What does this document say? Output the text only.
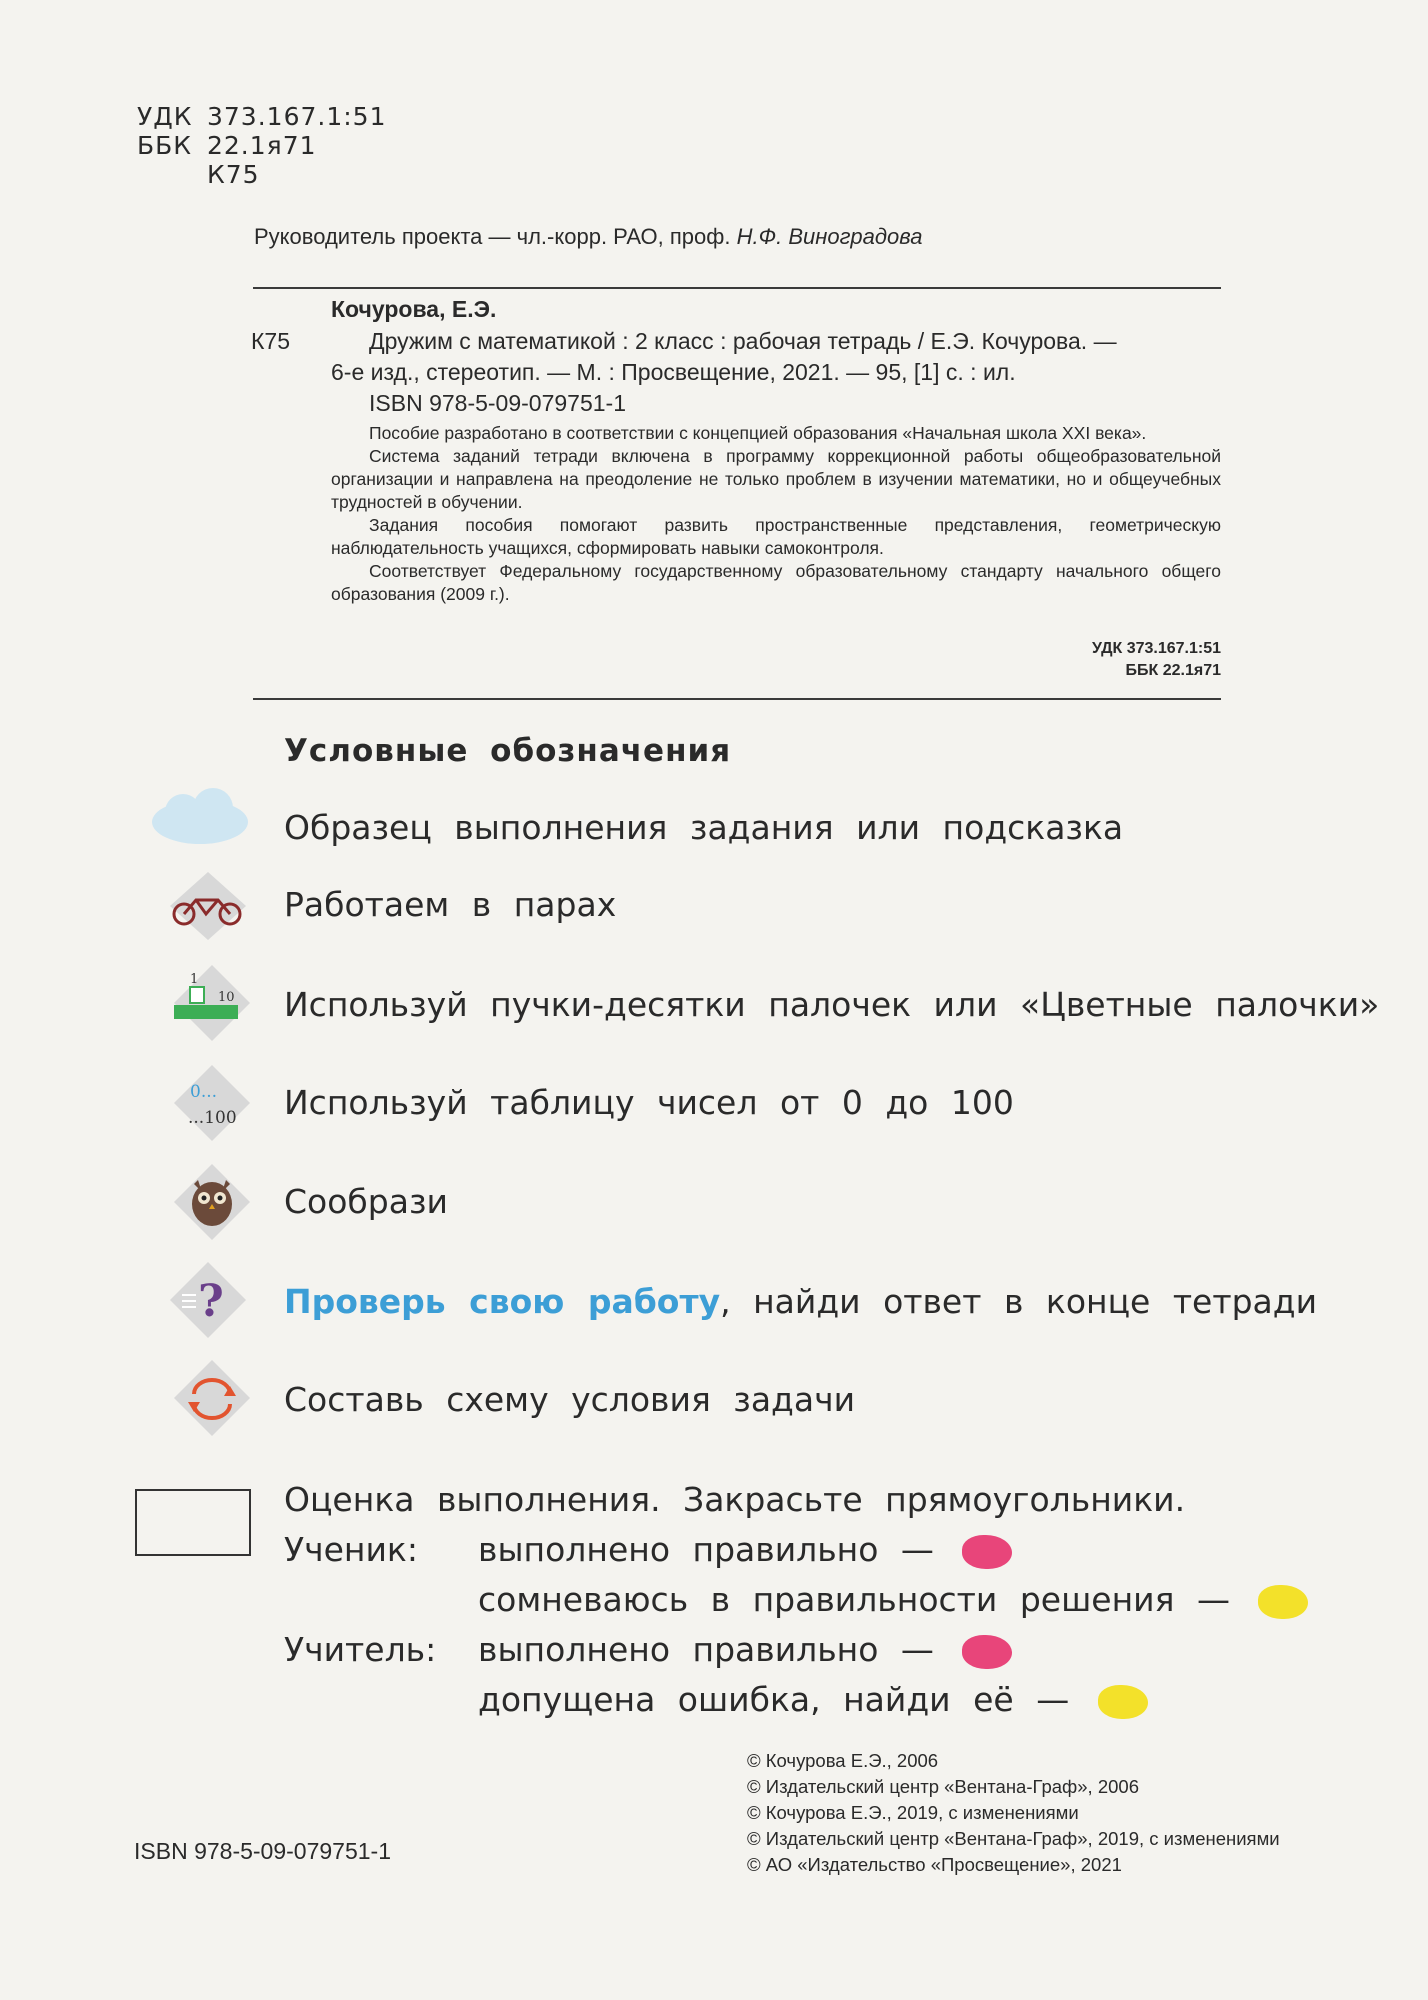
УДК 373.167.1:51
ББК 22.1я71
К75
Руководитель проекта — чл.-корр. РАО, проф. Н.Ф. Виноградова
Кочурова, Е.Э.
К75	Дружим с математикой : 2 класс : рабочая тетрадь / Е.Э. Кочурова. —
6-е изд., стереотип. — М. : Просвещение, 2021. — 95, [1] с. : ил.
ISBN 978-5-09-079751-1

Пособие разработано в соответствии с концепцией образования «Начальная школа XXI века».

Система заданий тетради включена в программу коррекционной работы общеобразовательной организации и направлена на преодоление не только проблем в изучении математики, но и общеучебных трудностей в обучении.

Задания пособия помогают развить пространственные представления, геометрическую наблюдательность учащихся, сформировать навыки самоконтроля.

Соответствует Федеральному государственному образовательному стандарту начального общего образования (2009 г.).

УДК 373.167.1:51
ББК 22.1я71
Условные обозначения
Образец выполнения задания или подсказка
Работаем в парах
1
10 Используй пучки-десятки палочек или «Цветные палочки»
0...
...100 Используй таблицу чисел от 0 до 100
Сообрази
? Проверь свою работу, найди ответ в конце тетради
Составь схему условия задачи
Оценка выполнения. Закрасьте прямоугольники.
Ученик: выполнено правильно —
сомневаюсь в правильности решения —
Учитель: выполнено правильно —
допущена ошибка, найди её —
© Кочурова Е.Э., 2006
© Издательский центр «Вентана-Граф», 2006
© Кочурова Е.Э., 2019, с изменениями
© Издательский центр «Вентана-Граф», 2019, с изменениями
© АО «Издательство «Просвещение», 2021
ISBN 978-5-09-079751-1
